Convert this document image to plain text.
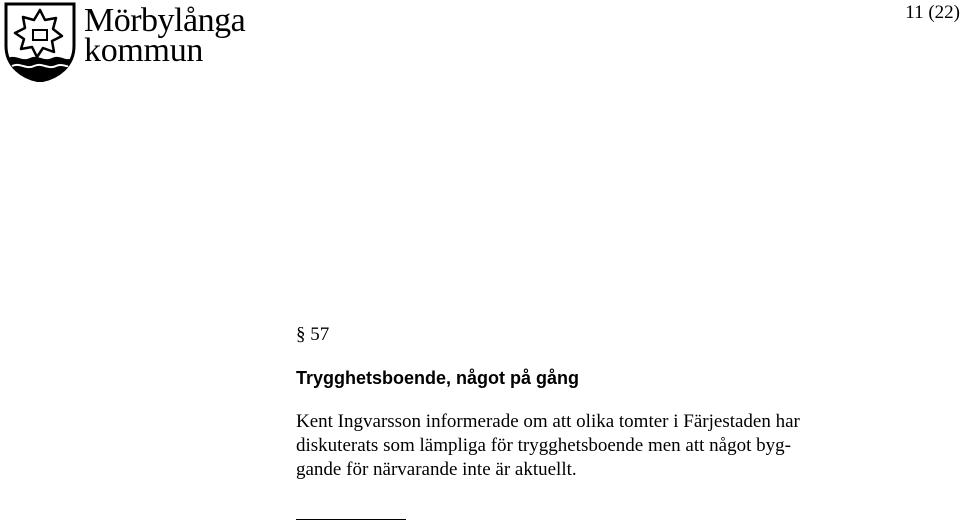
Mörbylånga
kommun
11 (22)
§ 57
Trygghetsboende, något på gång
Kent Ingvarsson informerade om att olika tomter i Färjestaden har
diskuterats som lämpliga för trygghetsboende men att något byg-
gande för närvarande inte är aktuellt.
